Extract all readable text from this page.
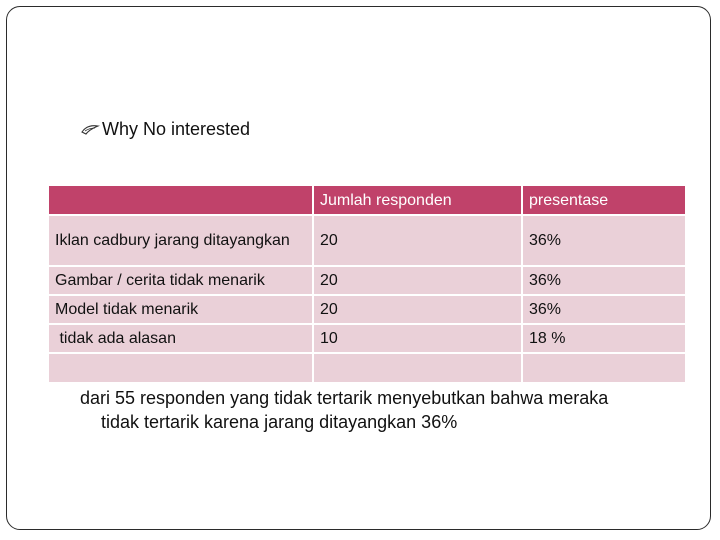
Why No interested
	Jumlah responden	presentase
Iklan cadbury jarang ditayangkan	20	36%
Gambar / cerita tidak menarik	20	36%
Model tidak menarik	20	36%
tidak ada alasan	10	18 %

dari 55 responden yang tidak tertarik menyebutkan bahwa meraka
tidak tertarik karena jarang ditayangkan 36%
